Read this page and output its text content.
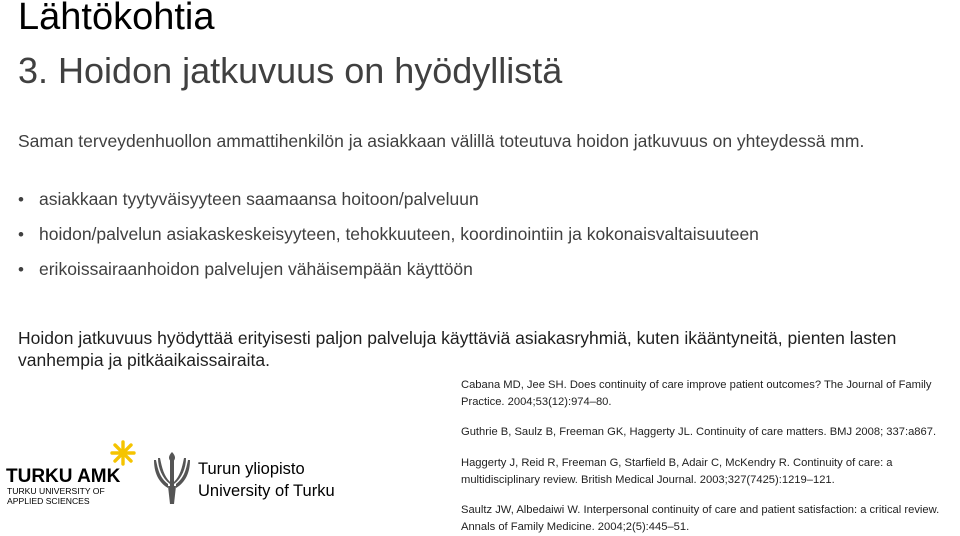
Lähtökohtia
3. Hoidon jatkuvuus on hyödyllistä
Saman terveydenhuollon ammattihenkilön ja asiakkaan välillä toteutuva hoidon jatkuvuus on yhteydessä mm.
• asiakkaan tyytyväisyyteen saamaansa hoitoon/palveluun
• hoidon/palvelun asiakaskeskeisyyteen, tehokkuuteen, koordinointiin ja kokonaisvaltaisuuteen
• erikoissairaanhoidon palvelujen vähäisempään käyttöön
Hoidon jatkuvuus hyödyttää erityisesti paljon palveluja käyttäviä asiakasryhmiä, kuten ikääntyneitä, pienten lasten vanhempia ja pitkäaikaissairaita.

Cabana MD, Jee SH. Does continuity of care improve patient outcomes? The Journal of Family Practice. 2004;53(12):974–80.

Guthrie B, Saulz B, Freeman GK, Haggerty JL. Continuity of care matters. BMJ 2008; 337:a867.

Haggerty J, Reid R, Freeman G, Starfield B, Adair C, McKendry R. Continuity of care: a multidisciplinary review. British Medical Journal. 2003;327(7425):1219–121.

Saultz JW, Albedaiwi W. Interpersonal continuity of care and patient satisfaction: a critical review. Annals of Family Medicine. 2004;2(5):445–51.

TURKU AMK
TURKU UNIVERSITY OF
APPLIED SCIENCES
Turun yliopisto
University of Turku
